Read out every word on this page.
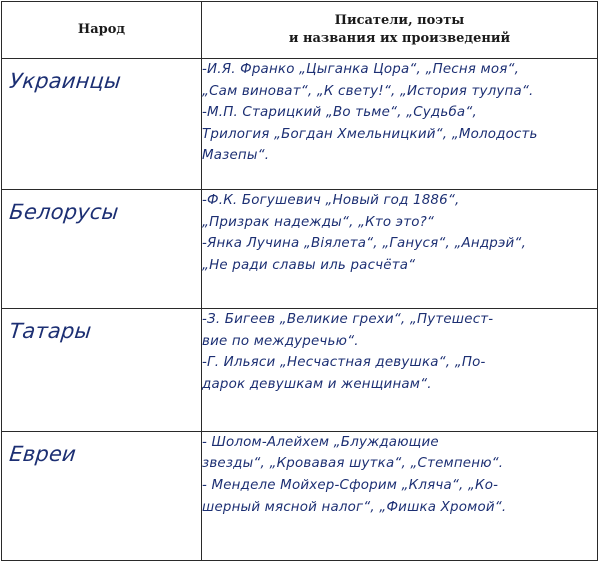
Народ	Писатели, поэты
и названия их произведений

Украинцы	-И.Я. Франко „Цыганка Цора“, „Песня моя“,
„Сам виноват“, „К свету!“, „История тулупа“.
-М.П. Старицкий „Во тьме“, „Судьба“,
Трилогия „Богдан Хмельницкий“, „Молодость
Мазепы“.

Белорусы	-Ф.К. Богушевич „Новый год 1886“,
„Призрак надежды“, „Кто это?“
-Янка Лучина „Віялета“, „Гануся“, „Андрэй“,
„Не ради славы иль расчёта“

Татары	-З. Бигеев „Великие грехи“, „Путешест-
вие по междуречью“.
-Г. Ильяси „Несчастная девушка“, „По-
дарок девушкам и женщинам“.

Евреи	- Шолом-Алейхем „Блуждающие
звезды“, „Кровавая шутка“, „Стемпеню“.
- Менделе Мойхер-Сфорим „Кляча“, „Ко-
шерный мясной налог“, „Фишка Хромой“.
